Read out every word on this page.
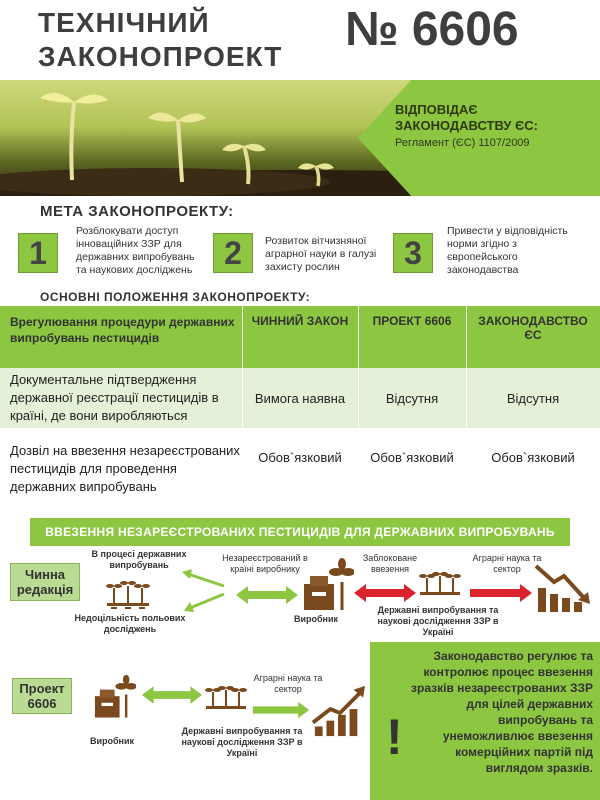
ТЕХНІЧНИЙ ЗАКОНОПРОЕКТ
№ 6606
ВІДПОВІДАЄ ЗАКОНОДАВСТВУ ЄС:
Регламент (ЄС) 1107/2009
МЕТА ЗАКОНОПРОЕКТУ:
1
Розблокувати доступ інноваційних ЗЗР для державних випробувань та наукових досліджень 2	Розвиток вітчизняної аграрної науки в галузі захисту рослин	3
Привести у відповідність норми згідно з європейського законодавства
ОСНОВНІ ПОЛОЖЕННЯ ЗАКОНОПРОЕКТУ:
Врегулювання процедури державних випробувань пестицидів	ЧИННИЙ ЗАКОН	ПРОЕКТ 6606	ЗАКОНОДАВСТВО ЄС
Документальне підтвердження державної реєстрації пестицидів в країні, де вони виробляються	Вимога наявна	Відсутня	Відсутня
Дозвіл на ввезення незареєстрованих пестицидів для проведення державних випробувань	Обов`язковий	Обов`язковий	Обов`язковий
ВВЕЗЕННЯ НЕЗАРЕЄСТРОВАНИХ ПЕСТИЦИДІВ ДЛЯ ДЕРЖАВНИХ ВИПРОБУВАНЬ
Чинна редакція
В процесі державних випробувань
Недоцільність польових досліджень
Незареєстрований в країні виробнику
Виробник
Заблоковане ввезення
Державні випробування та наукові дослідження ЗЗР в Україні
Аграрні наука та сектор
Проект 6606
Виробник
Державні випробування та наукові дослідження ЗЗР в Україні
Аграрні наука та сектор
!
Законодавство регулює та контролює процес ввезення зразків незареєстрованих ЗЗР для цілей державних випробувань та унеможливлює ввезення комерційних партій під виглядом зразків.
